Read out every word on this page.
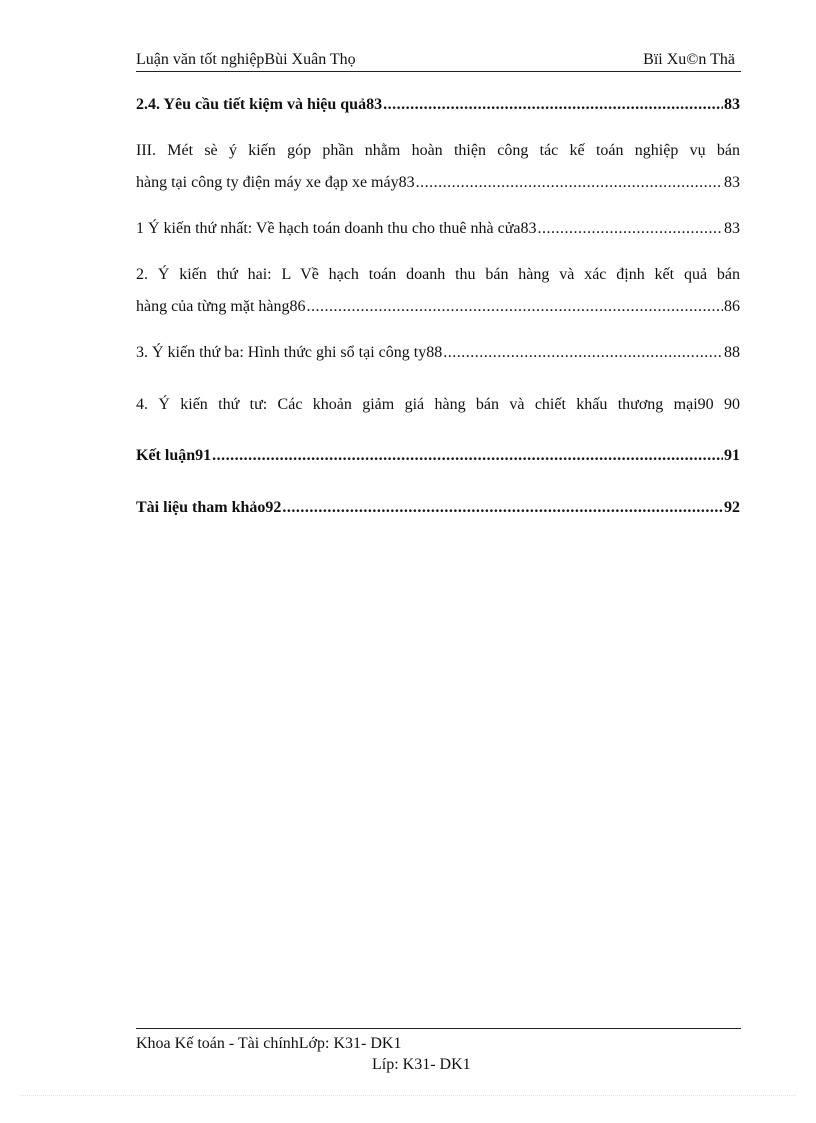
Luận văn tốt nghiệpBùi Xuân Thọ	Bïi Xu©n Thä
2.4. Yêu cầu tiết kiệm và hiệu quả83 .....	83
III. Mét sè ý kiến góp phần nhằm hoàn thiện công tác kế toán nghiệp vụ bán
hàng tại công ty điện máy xe đạp xe máy83 .....	83
1 Ý kiến thứ nhất: Về hạch toán doanh thu cho thuê nhà cửa83 .....	83
2. Ý kiến thứ hai: L Về hạch toán doanh thu bán hàng và xác định kết quả bán
hàng của từng mặt hàng86 .....	86
3. Ý kiến thứ ba: Hình thức ghi sổ tại công ty88 .....	88
4. Ý kiến thứ tư: Các khoản giảm giá hàng bán và chiết khấu thương mại90 90
Kết luận91 .....	91
Tài liệu tham khảo92 .....	92
Khoa Kế toán - Tài chínhLớp: K31- DK1
Líp: K31- DK1
